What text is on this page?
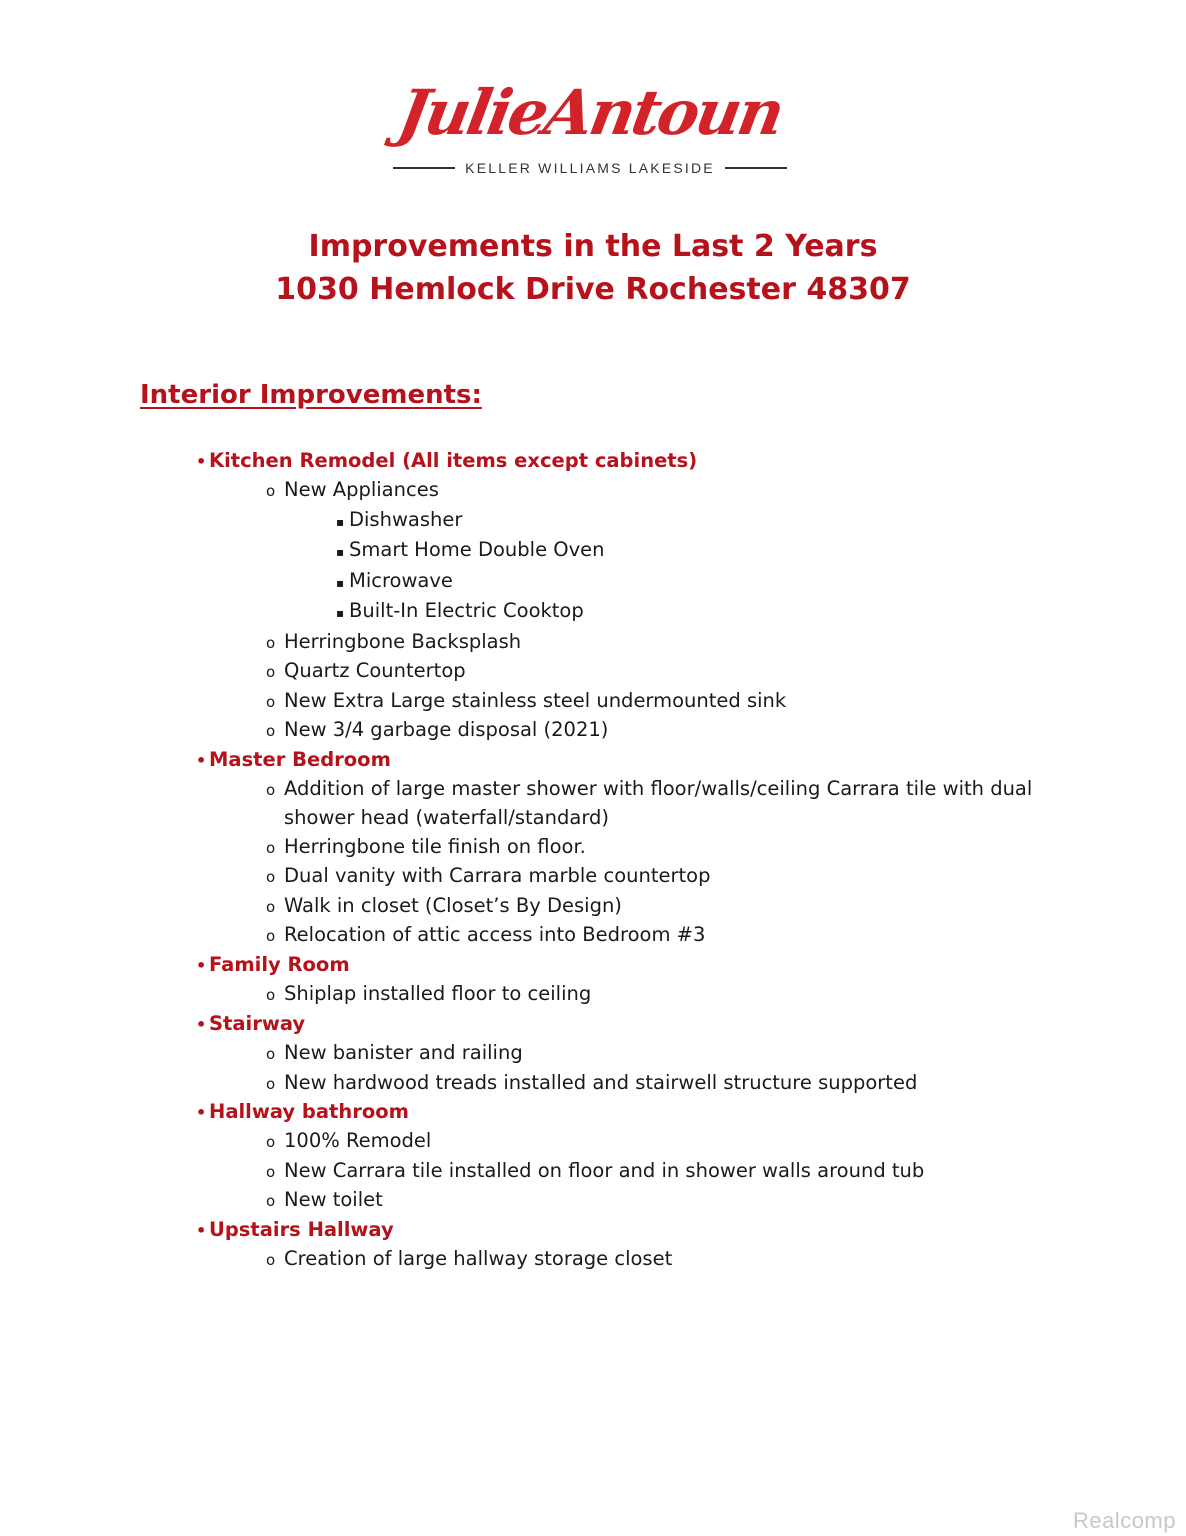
JulieAntoun
KELLER WILLIAMS LAKESIDE
Improvements in the Last 2 Years
1030 Hemlock Drive Rochester 48307
Interior Improvements:
• Kitchen Remodel (All items except cabinets)
o New Appliances
▪ Dishwasher
▪ Smart Home Double Oven
▪ Microwave
▪ Built-In Electric Cooktop
o Herringbone Backsplash
o Quartz Countertop
o New Extra Large stainless steel undermounted sink
o New 3/4 garbage disposal (2021)
• Master Bedroom
o Addition of large master shower with floor/walls/ceiling Carrara tile with dual
shower head (waterfall/standard)
o Herringbone tile finish on floor.
o Dual vanity with Carrara marble countertop
o Walk in closet (Closet’s By Design)
o Relocation of attic access into Bedroom #3
• Family Room
o Shiplap installed floor to ceiling
• Stairway
o New banister and railing
o New hardwood treads installed and stairwell structure supported
• Hallway bathroom
o 100% Remodel
o New Carrara tile installed on floor and in shower walls around tub
o New toilet
• Upstairs Hallway
o Creation of large hallway storage closet
Realcomp
